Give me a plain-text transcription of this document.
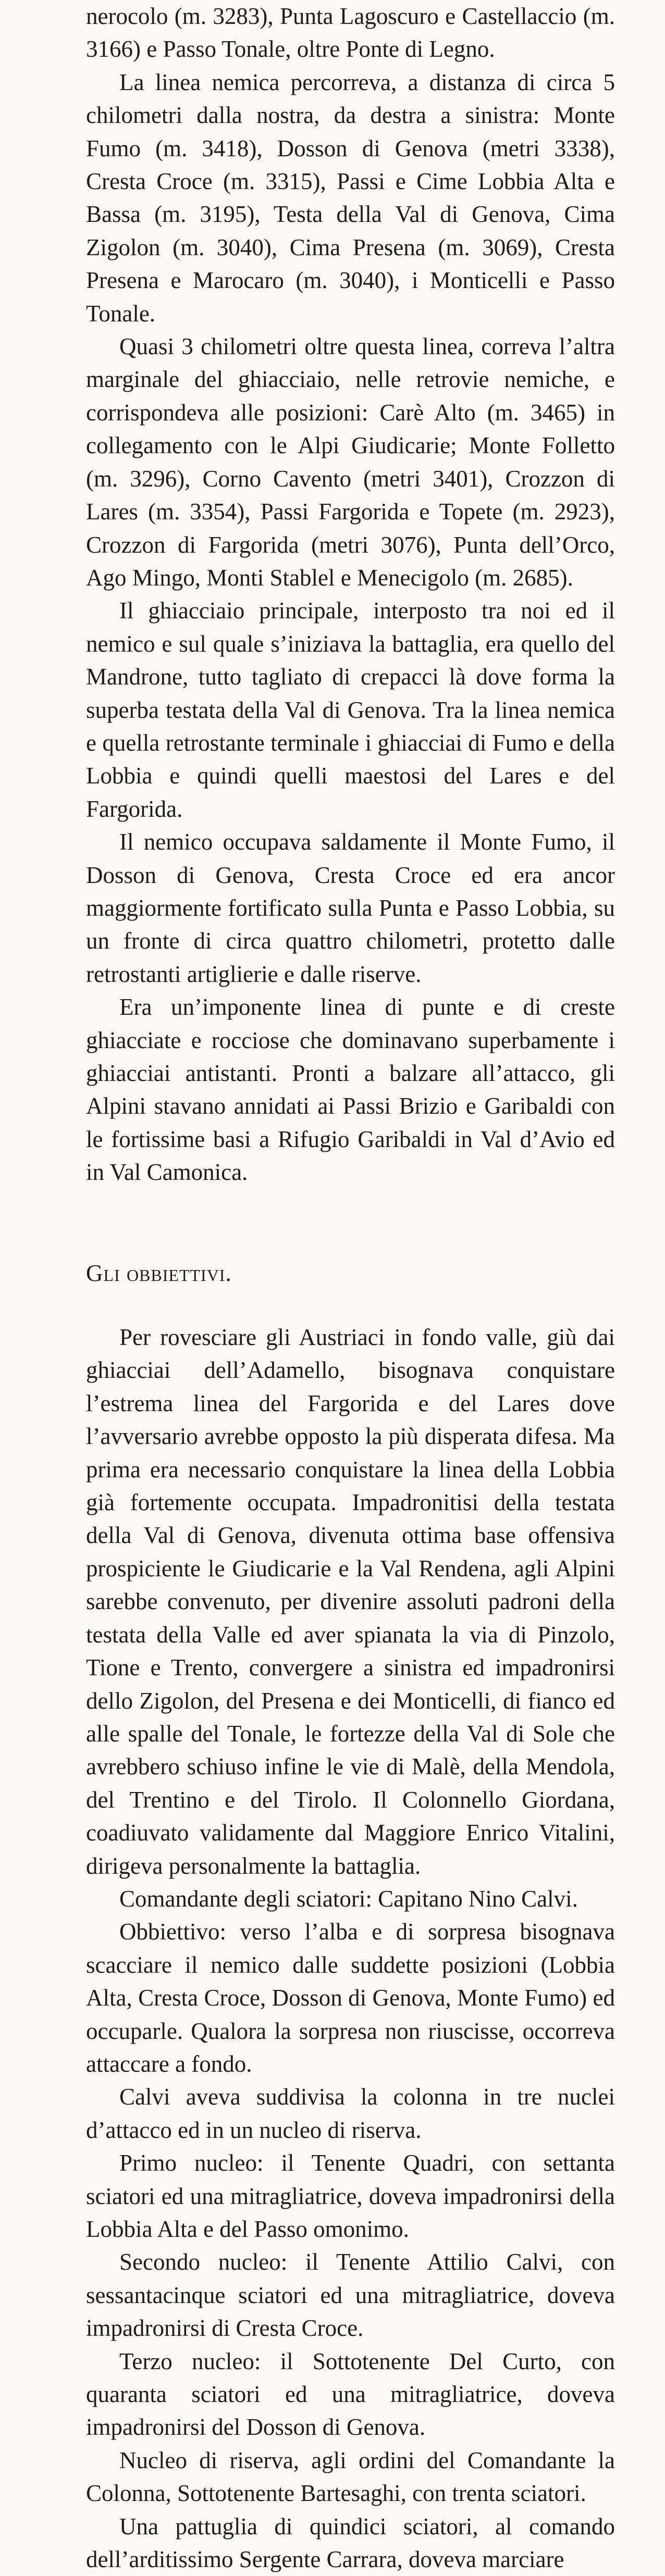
nerocolo (m. 3283), Punta Lagoscuro e Castellaccio (m. 3166) e Passo Tonale, oltre Ponte di Legno.

La linea nemica percorreva, a distanza di circa 5 chilometri dalla nostra, da destra a sinistra: Monte Fumo (m. 3418), Dosson di Genova (metri 3338), Cresta Croce (m. 3315), Passi e Cime Lobbia Alta e Bassa (m. 3195), Testa della Val di Genova, Cima Zigolon (m. 3040), Cima Presena (m. 3069), Cresta Presena e Marocaro (m. 3040), i Monticelli e Passo Tonale.

Quasi 3 chilometri oltre questa linea, correva l’altra marginale del ghiacciaio, nelle retrovie nemiche, e corrispondeva alle posizioni: Carè Alto (m. 3465) in collegamento con le Alpi Giudicarie; Monte Folletto (m. 3296), Corno Cavento (metri 3401), Crozzon di Lares (m. 3354), Passi Fargorida e Topete (m. 2923), Crozzon di Fargorida (metri 3076), Punta dell’Orco, Ago Mingo, Monti Stablel e Menecigolo (m. 2685).

Il ghiacciaio principale, interposto tra noi ed il nemico e sul quale s’iniziava la battaglia, era quello del Mandrone, tutto tagliato di crepacci là dove forma la superba testata della Val di Genova. Tra la linea nemica e quella retrostante terminale i ghiacciai di Fumo e della Lobbia e quindi quelli maestosi del Lares e del Fargorida.

Il nemico occupava saldamente il Monte Fumo, il Dosson di Genova, Cresta Croce ed era ancor maggiormente fortificato sulla Punta e Passo Lobbia, su un fronte di circa quattro chilometri, protetto dalle retrostanti artiglierie e dalle riserve.

Era un’imponente linea di punte e di creste ghiacciate e rocciose che dominavano superbamente i ghiacciai antistanti. Pronti a balzare all’attacco, gli Alpini stavano annidati ai Passi Brizio e Garibaldi con le fortissime basi a Rifugio Garibaldi in Val d’Avio ed in Val Camonica.

Gli obbiettivi.

Per rovesciare gli Austriaci in fondo valle, giù dai ghiacciai dell’Adamello, bisognava conquistare l’estrema linea del Fargorida e del Lares dove l’avversario avrebbe opposto la più disperata difesa. Ma prima era necessario conquistare la linea della Lobbia già fortemente occupata. Impadronitisi della testata della Val di Genova, divenuta ottima base offensiva prospiciente le Giudicarie e la Val Rendena, agli Alpini sarebbe convenuto, per divenire assoluti padroni della testata della Valle ed aver spianata la via di Pinzolo, Tione e Trento, convergere a sinistra ed impadronirsi dello Zigolon, del Presena e dei Monticelli, di fianco ed alle spalle del Tonale, le fortezze della Val di Sole che avrebbero schiuso infine le vie di Malè, della Mendola, del Trentino e del Tirolo. Il Colonnello Giordana, coadiuvato validamente dal Maggiore Enrico Vitalini, dirigeva personalmente la battaglia.

Comandante degli sciatori: Capitano Nino Calvi.

Obbiettivo: verso l’alba e di sorpresa bisognava scacciare il nemico dalle suddette posizioni (Lobbia Alta, Cresta Croce, Dosson di Genova, Monte Fumo) ed occuparle. Qualora la sorpresa non riuscisse, occorreva attaccare a fondo.

Calvi aveva suddivisa la colonna in tre nuclei d’attacco ed in un nucleo di riserva.

Primo nucleo: il Tenente Quadri, con settanta sciatori ed una mitragliatrice, doveva impadronirsi della Lobbia Alta e del Passo omonimo.

Secondo nucleo: il Tenente Attilio Calvi, con sessantacinque sciatori ed una mitragliatrice, doveva impadronirsi di Cresta Croce.

Terzo nucleo: il Sottotenente Del Curto, con quaranta sciatori ed una mitragliatrice, doveva impadronirsi del Dosson di Genova.

Nucleo di riserva, agli ordini del Comandante la Colonna, Sottotenente Bartesaghi, con trenta sciatori.

Una pattuglia di quindici sciatori, al comando dell’arditissimo Sergente Carrara, doveva marciare
